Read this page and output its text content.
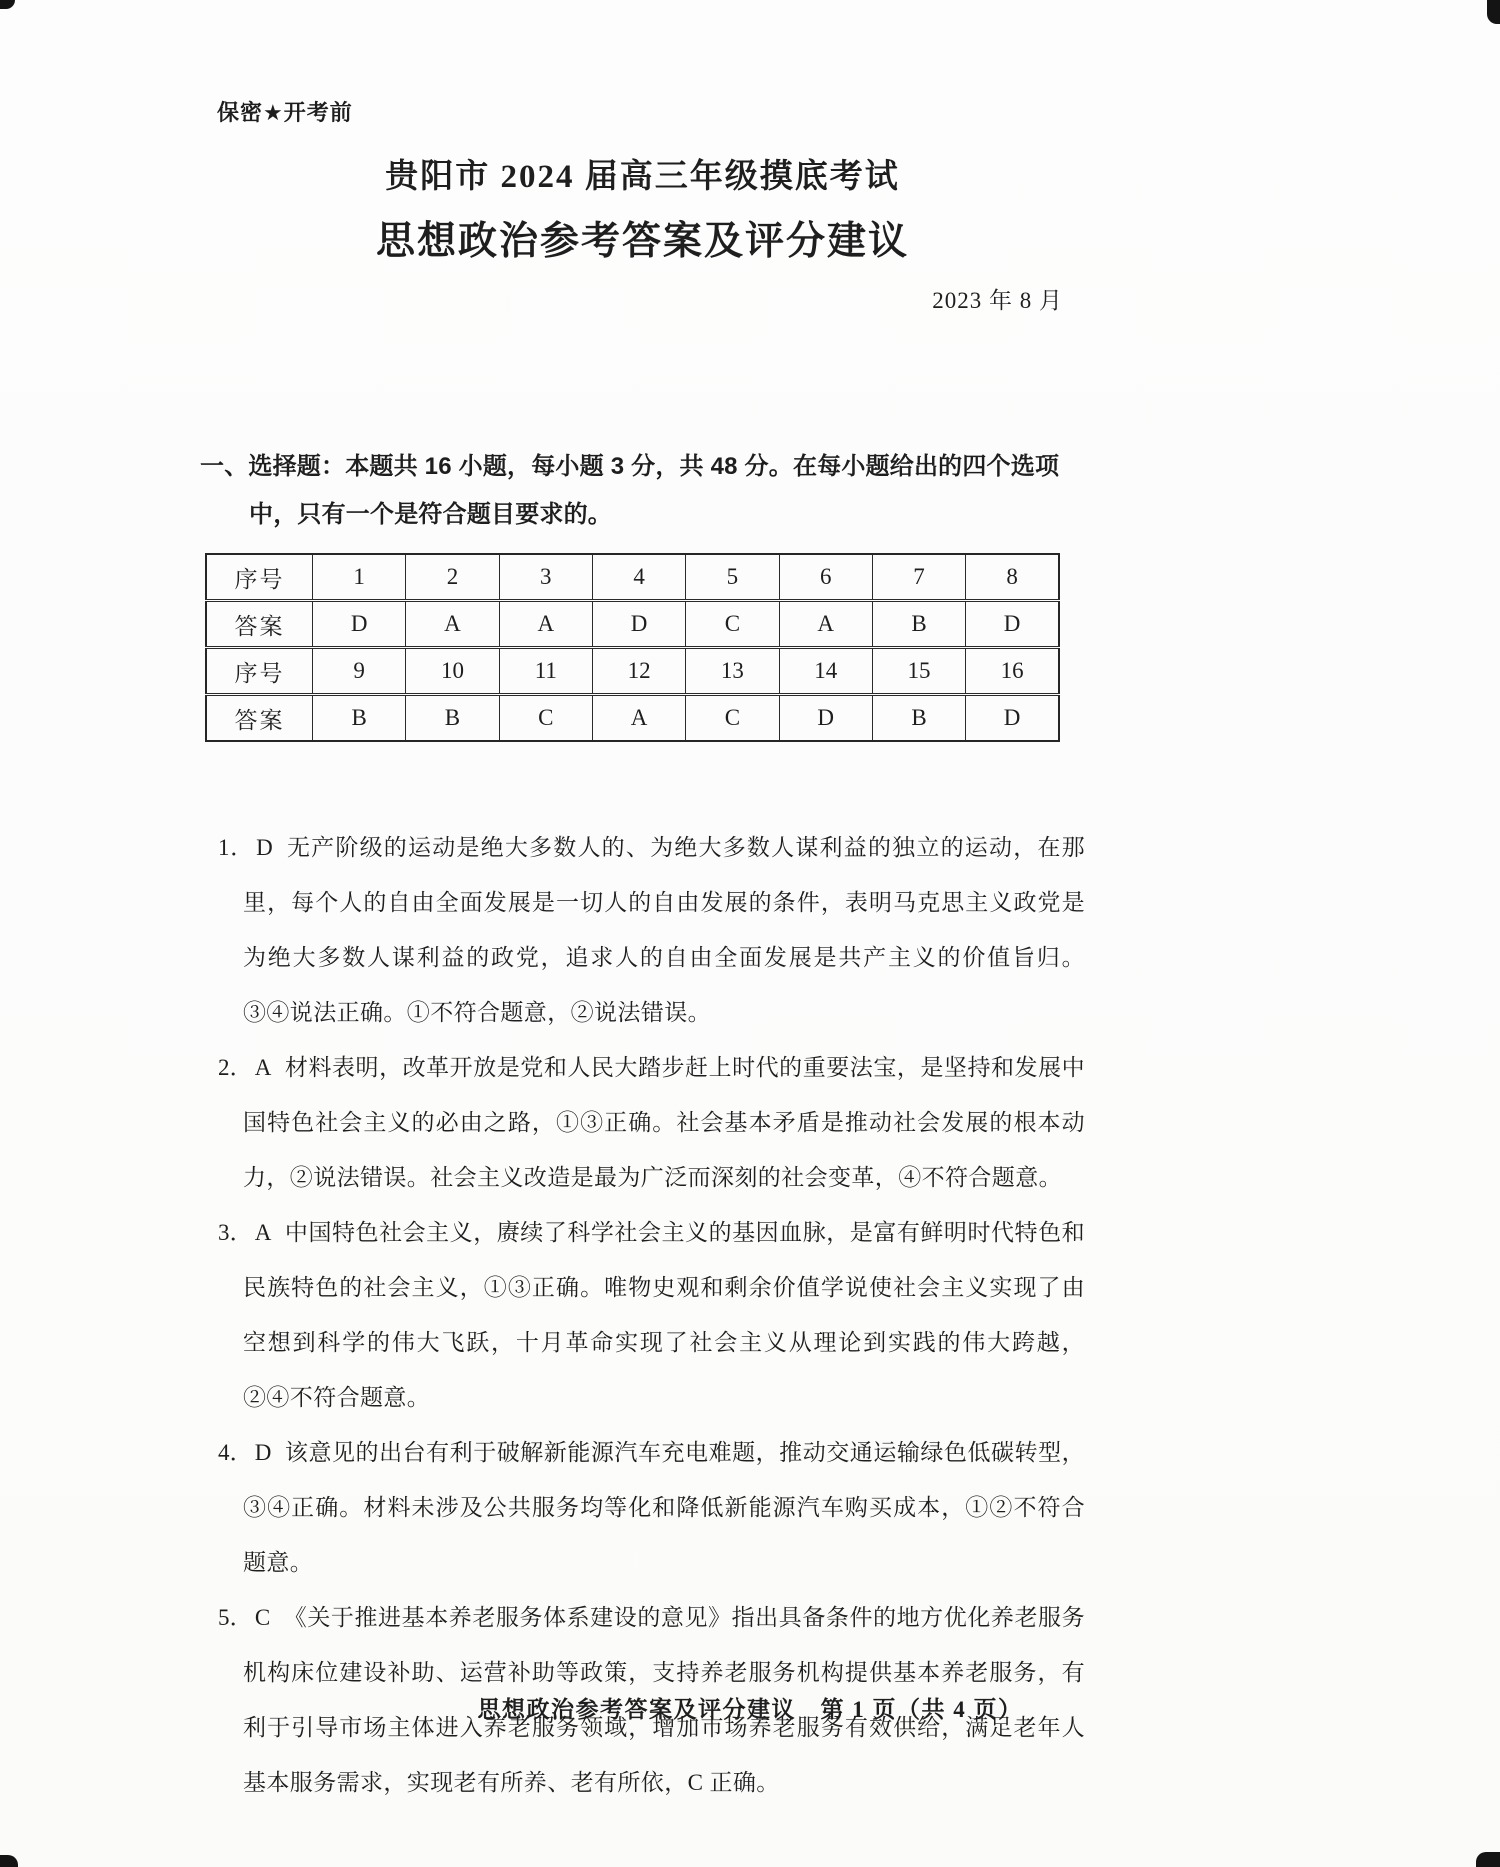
保密★开考前
贵阳市 2024 届高三年级摸底考试
思想政治参考答案及评分建议
2023 年 8 月

一、选择题：本题共 16 小题，每小题 3 分，共 48 分。在每小题给出的四个选项中，只有一个是符合题目要求的。

序号	1	2	3	4	5	6	7	8
答案	D	A	A	D	C	A	B	D
序号	9	10	11	12	13	14	15	16
答案	B	B	C	A	C	D	B	D

1．D 无产阶级的运动是绝大多数人的、为绝大多数人谋利益的独立的运动，在那里，每个人的自由全面发展是一切人的自由发展的条件，表明马克思主义政党是为绝大多数人谋利益的政党，追求人的自由全面发展是共产主义的价值旨归。③④说法正确。①不符合题意，②说法错误。

2．A 材料表明，改革开放是党和人民大踏步赶上时代的重要法宝，是坚持和发展中国特色社会主义的必由之路，①③正确。社会基本矛盾是推动社会发展的根本动力，②说法错误。社会主义改造是最为广泛而深刻的社会变革，④不符合题意。

3．A 中国特色社会主义，赓续了科学社会主义的基因血脉，是富有鲜明时代特色和民族特色的社会主义，①③正确。唯物史观和剩余价值学说使社会主义实现了由空想到科学的伟大飞跃，十月革命实现了社会主义从理论到实践的伟大跨越，②④不符合题意。

4．D 该意见的出台有利于破解新能源汽车充电难题，推动交通运输绿色低碳转型，③④正确。材料未涉及公共服务均等化和降低新能源汽车购买成本，①②不符合题意。

5．C 《关于推进基本养老服务体系建设的意见》指出具备条件的地方优化养老服务机构床位建设补助、运营补助等政策，支持养老服务机构提供基本养老服务，有利于引导市场主体进入养老服务领域，增加市场养老服务有效供给，满足老年人基本服务需求，实现老有所养、老有所依，C 正确。

思想政治参考答案及评分建议　第 1 页（共 4 页）
